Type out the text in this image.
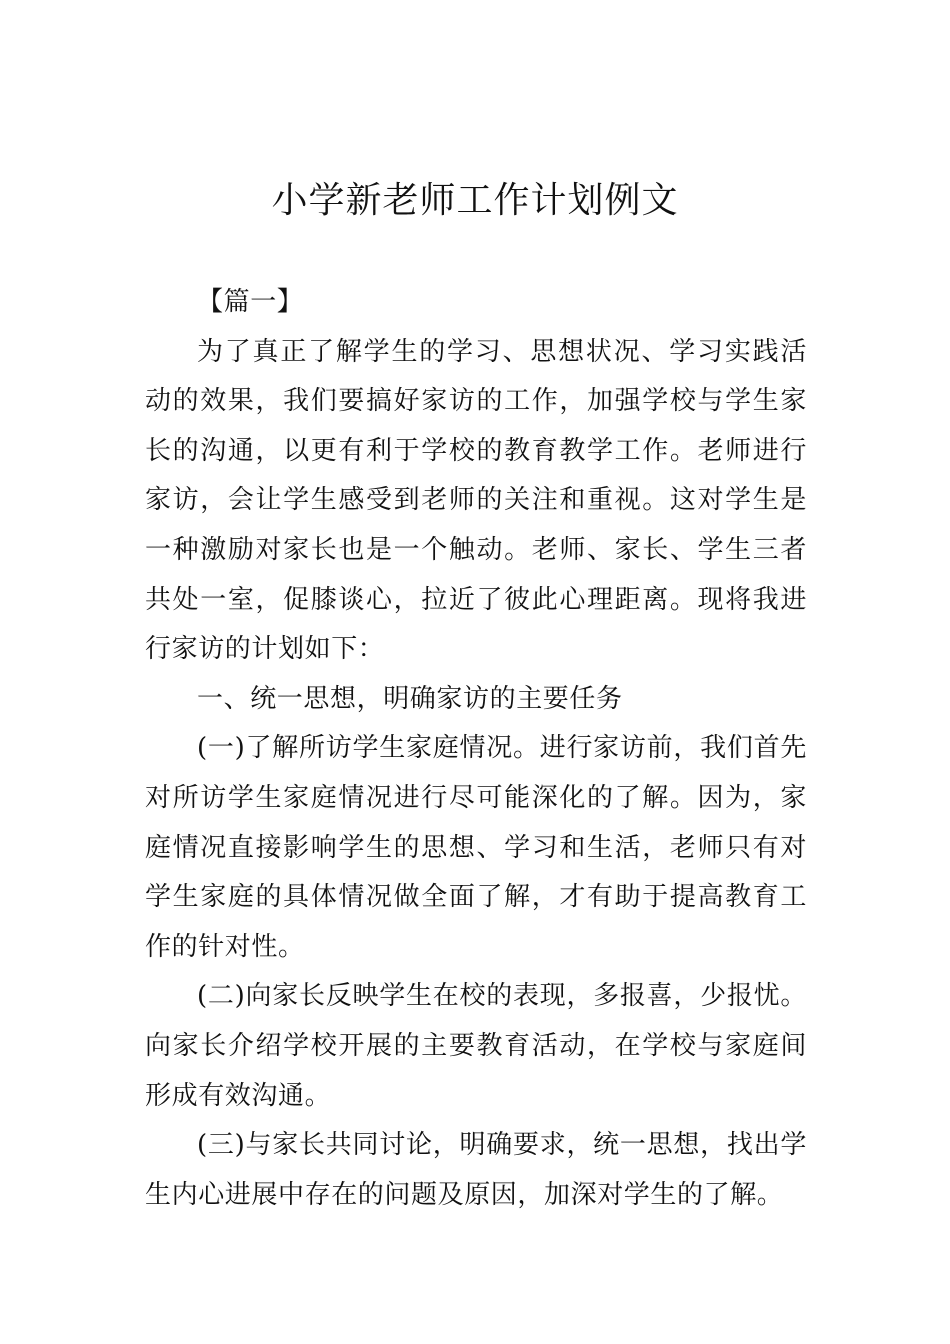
小学新老师工作计划例文

【篇一】

为了真正了解学生的学习、思想状况、学习实践活动的效果，我们要搞好家访的工作，加强学校与学生家长的沟通，以更有利于学校的教育教学工作。老师进行家访，会让学生感受到老师的关注和重视。这对学生是一种激励对家长也是一个触动。老师、家长、学生三者共处一室，促膝谈心，拉近了彼此心理距离。现将我进行家访的计划如下：

一、统一思想，明确家访的主要任务

(一)了解所访学生家庭情况。进行家访前，我们首先对所访学生家庭情况进行尽可能深化的了解。因为，家庭情况直接影响学生的思想、学习和生活，老师只有对学生家庭的具体情况做全面了解，才有助于提高教育工作的针对性。

(二)向家长反映学生在校的表现，多报喜，少报忧。向家长介绍学校开展的主要教育活动，在学校与家庭间形成有效沟通。

(三)与家长共同讨论，明确要求，统一思想，找出学生内心进展中存在的问题及原因，加深对学生的了解。
